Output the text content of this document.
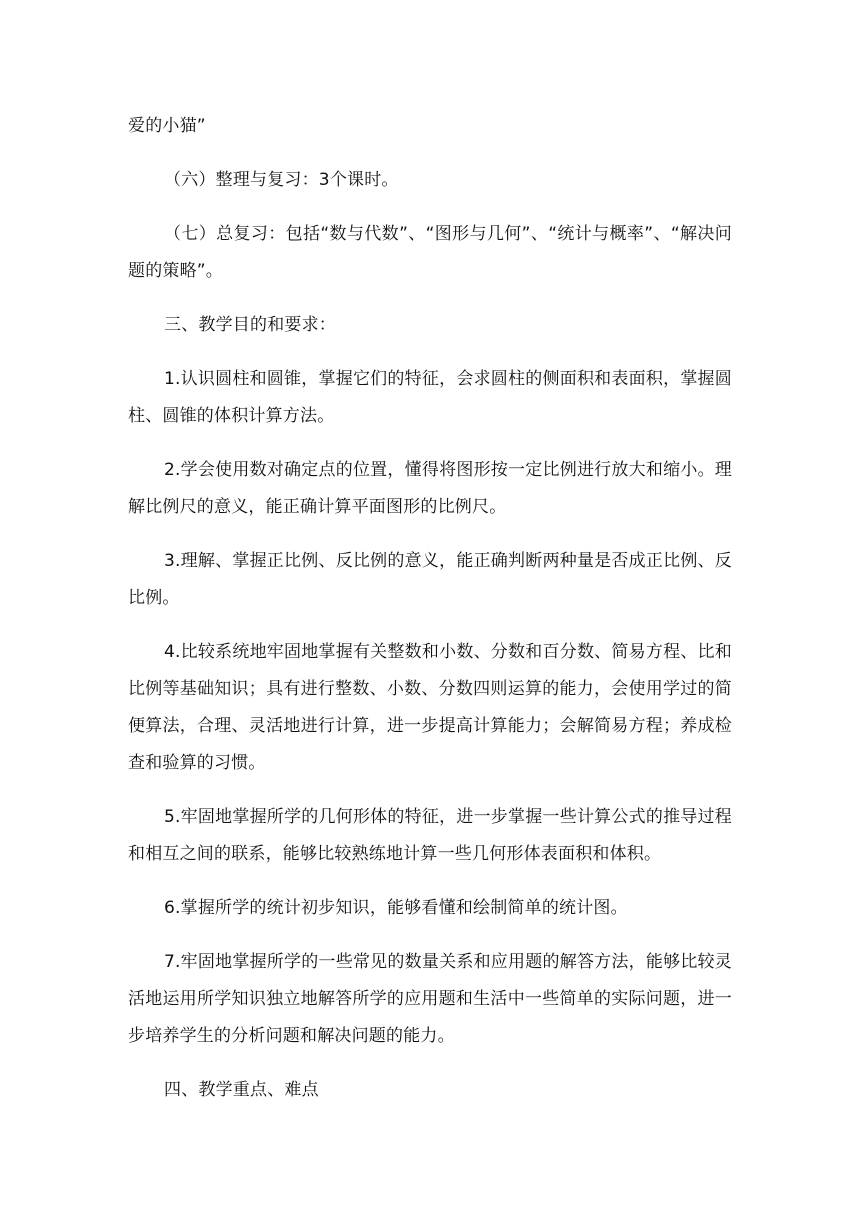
爱的小猫”

（六）整理与复习：3个课时。

（七）总复习：包括“数与代数”、“图形与几何”、“统计与概率”、“解决问题的策略”。

三、教学目的和要求：

1.认识圆柱和圆锥，掌握它们的特征，会求圆柱的侧面积和表面积，掌握圆柱、圆锥的体积计算方法。

2.学会使用数对确定点的位置，懂得将图形按一定比例进行放大和缩小。理解比例尺的意义，能正确计算平面图形的比例尺。

3.理解、掌握正比例、反比例的意义，能正确判断两种量是否成正比例、反比例。

4.比较系统地牢固地掌握有关整数和小数、分数和百分数、简易方程、比和比例等基础知识；具有进行整数、小数、分数四则运算的能力，会使用学过的简便算法，合理、灵活地进行计算，进一步提高计算能力；会解简易方程；养成检查和验算的习惯。

5.牢固地掌握所学的几何形体的特征，进一步掌握一些计算公式的推导过程和相互之间的联系，能够比较熟练地计算一些几何形体表面积和体积。

6.掌握所学的统计初步知识，能够看懂和绘制简单的统计图。

7.牢固地掌握所学的一些常见的数量关系和应用题的解答方法，能够比较灵活地运用所学知识独立地解答所学的应用题和生活中一些简单的实际问题，进一步培养学生的分析问题和解决问题的能力。

四、教学重点、难点
